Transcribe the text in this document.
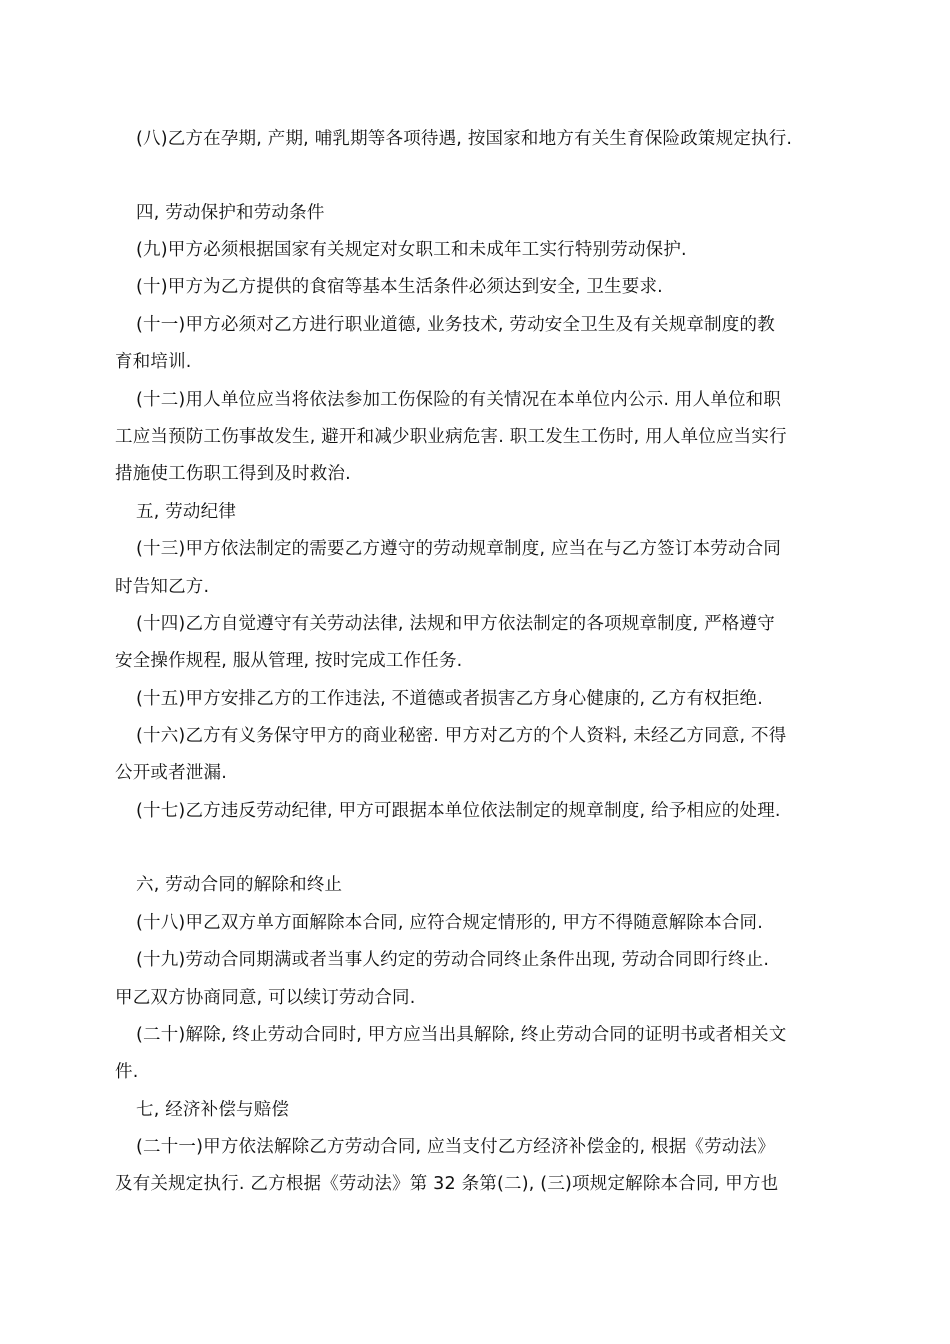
(八)乙方在孕期, 产期, 哺乳期等各项待遇, 按国家和地方有关生育保险政策规定执行.
四, 劳动保护和劳动条件
(九)甲方必须根据国家有关规定对女职工和未成年工实行特别劳动保护.
(十)甲方为乙方提供的食宿等基本生活条件必须达到安全, 卫生要求.
(十一)甲方必须对乙方进行职业道德, 业务技术, 劳动安全卫生及有关规章制度的教
育和培训.
(十二)用人单位应当将依法参加工伤保险的有关情况在本单位内公示. 用人单位和职
工应当预防工伤事故发生, 避开和减少职业病危害. 职工发生工伤时, 用人单位应当实行
措施使工伤职工得到及时救治.
五, 劳动纪律
(十三)甲方依法制定的需要乙方遵守的劳动规章制度, 应当在与乙方签订本劳动合同
时告知乙方.
(十四)乙方自觉遵守有关劳动法律, 法规和甲方依法制定的各项规章制度, 严格遵守
安全操作规程, 服从管理, 按时完成工作任务.
(十五)甲方安排乙方的工作违法, 不道德或者损害乙方身心健康的, 乙方有权拒绝.
(十六)乙方有义务保守甲方的商业秘密. 甲方对乙方的个人资料, 未经乙方同意, 不得
公开或者泄漏.
(十七)乙方违反劳动纪律, 甲方可跟据本单位依法制定的规章制度, 给予相应的处理.
六, 劳动合同的解除和终止
(十八)甲乙双方单方面解除本合同, 应符合规定情形的, 甲方不得随意解除本合同.
(十九)劳动合同期满或者当事人约定的劳动合同终止条件出现, 劳动合同即行终止.
甲乙双方协商同意, 可以续订劳动合同.
(二十)解除, 终止劳动合同时, 甲方应当出具解除, 终止劳动合同的证明书或者相关文
件.
七, 经济补偿与赔偿
(二十一)甲方依法解除乙方劳动合同, 应当支付乙方经济补偿金的, 根据《劳动法》
及有关规定执行. 乙方根据《劳动法》第 32 条第(二), (三)项规定解除本合同, 甲方也
